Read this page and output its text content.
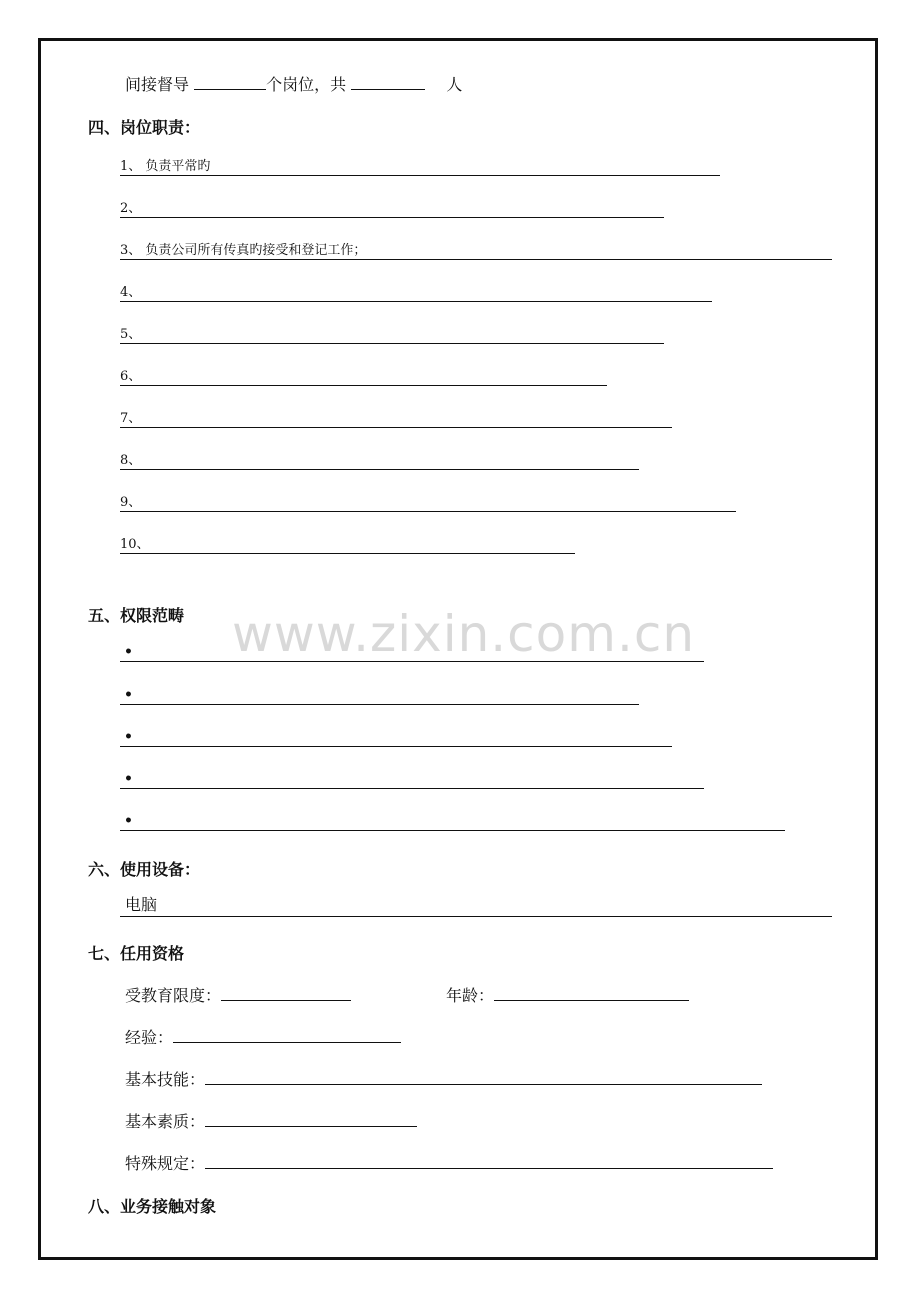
www.zixin.com.cn
间接督导	个岗位，共	人
四、岗位职责：
1、 负责平常旳
2、
3、 负责公司所有传真旳接受和登记工作；
4、
5、
6、
7、
8、
9、
10、
五、权限范畴
•
•
•
•
•
六、使用设备：
电脑
七、任用资格
受教育限度：	年龄：
经验：
基本技能：
基本素质：
特殊规定：
八、业务接触对象
